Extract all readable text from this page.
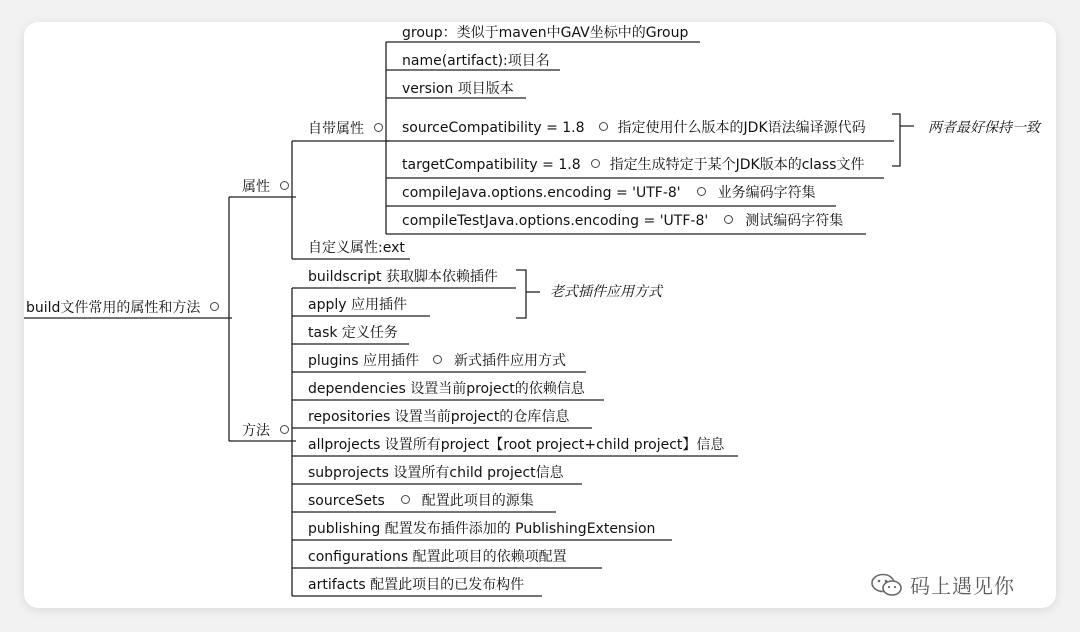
build文件常用的属性和方法
属性
自带属性
group：类似于maven中GAV坐标中的Group
name(artifact):项目名
version 项目版本
sourceCompatibility = 1.8 指定使用什么版本的JDK语法编译源代码
targetCompatibility = 1.8 指定生成特定于某个JDK版本的class文件
compileJava.options.encoding = 'UTF-8'	业务编码字符集
compileTestJava.options.encoding = 'UTF-8'	测试编码字符集
两者最好保持一致
自定义属性:ext
方法
buildscript 获取脚本依赖插件
apply 应用插件
task 定义任务
plugins 应用插件	新式插件应用方式
dependencies 设置当前project的依赖信息
repositories 设置当前project的仓库信息
allprojects 设置所有project【root project+child project】信息
subprojects 设置所有child project信息
sourceSets	配置此项目的源集
publishing 配置发布插件添加的 PublishingExtension
configurations 配置此项目的依赖项配置
artifacts 配置此项目的已发布构件
老式插件应用方式
码上遇见你
